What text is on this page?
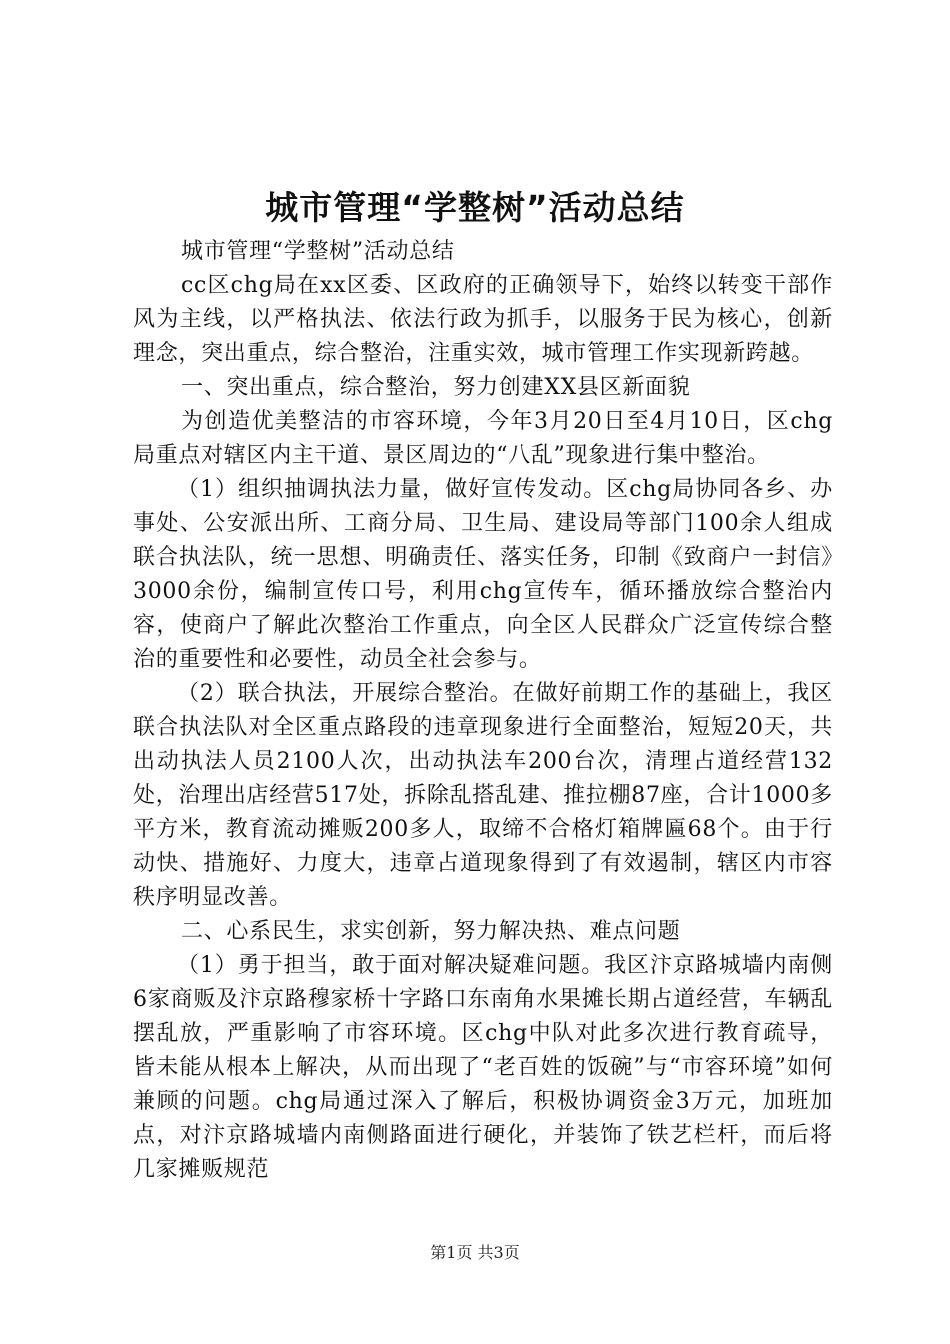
城市管理“学整树”活动总结

城市管理“学整树”活动总结

cc区chg局在xx区委、区政府的正确领导下，始终以转变干部作风为主线，以严格执法、依法行政为抓手，以服务于民为核心，创新理念，突出重点，综合整治，注重实效，城市管理工作实现新跨越。

一、突出重点，综合整治，努力创建XX县区新面貌

为创造优美整洁的市容环境，今年3月20日至4月10日，区chg局重点对辖区内主干道、景区周边的“八乱”现象进行集中整治。

（1）组织抽调执法力量，做好宣传发动。区chg局协同各乡、办事处、公安派出所、工商分局、卫生局、建设局等部门100余人组成联合执法队，统一思想、明确责任、落实任务，印制《致商户一封信》3000余份，编制宣传口号，利用chg宣传车，循环播放综合整治内容，使商户了解此次整治工作重点，向全区人民群众广泛宣传综合整治的重要性和必要性，动员全社会参与。

（2）联合执法，开展综合整治。在做好前期工作的基础上，我区联合执法队对全区重点路段的违章现象进行全面整治，短短20天，共出动执法人员2100人次，出动执法车200台次，清理占道经营132处，治理出店经营517处，拆除乱搭乱建、推拉棚87座，合计1000多平方米，教育流动摊贩200多人，取缔不合格灯箱牌匾68个。由于行动快、措施好、力度大，违章占道现象得到了有效遏制，辖区内市容秩序明显改善。

二、心系民生，求实创新，努力解决热、难点问题

（1）勇于担当，敢于面对解决疑难问题。我区汴京路城墙内南侧6家商贩及汴京路穆家桥十字路口东南角水果摊长期占道经营，车辆乱摆乱放，严重影响了市容环境。区chg中队对此多次进行教育疏导，皆未能从根本上解决，从而出现了“老百姓的饭碗”与“市容环境”如何兼顾的问题。chg局通过深入了解后，积极协调资金3万元，加班加点，对汴京路城墙内南侧路面进行硬化，并装饰了铁艺栏杆，而后将几家摊贩规范

第1页 共3页
